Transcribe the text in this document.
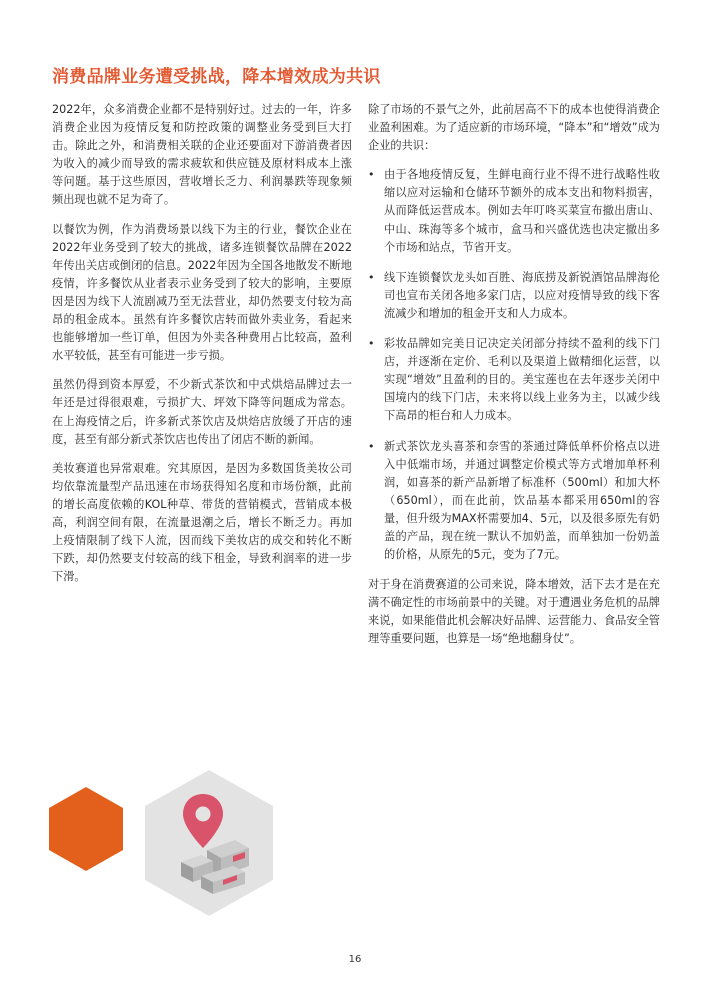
消费品牌业务遭受挑战，降本增效成为共识

2022年，众多消费企业都不是特别好过。过去的一年，许多消费企业因为疫情反复和防控政策的调整业务受到巨大打击。除此之外，和消费相关联的企业还要面对下游消费者因为收入的减少而导致的需求疲软和供应链及原材料成本上涨等问题。基于这些原因，营收增长乏力、利润暴跌等现象频频出现也就不足为奇了。

以餐饮为例，作为消费场景以线下为主的行业，餐饮企业在2022年业务受到了较大的挑战，诸多连锁餐饮品牌在2022年传出关店或倒闭的信息。2022年因为全国各地散发不断地疫情，许多餐饮从业者表示业务受到了较大的影响，主要原因是因为线下人流剧减乃至无法营业，却仍然要支付较为高昂的租金成本。虽然有许多餐饮店转而做外卖业务，看起来也能够增加一些订单，但因为外卖各种费用占比较高，盈利水平较低，甚至有可能进一步亏损。

虽然仍得到资本厚爱，不少新式茶饮和中式烘焙品牌过去一年还是过得很艰难，亏损扩大、坪效下降等问题成为常态。在上海疫情之后，许多新式茶饮店及烘焙店放缓了开店的速度，甚至有部分新式茶饮店也传出了闭店不断的新闻。

美妆赛道也异常艰难。究其原因，是因为多数国货美妆公司均依靠流量型产品迅速在市场获得知名度和市场份额，此前的增长高度依赖的KOL种草、带货的营销模式，营销成本极高，利润空间有限，在流量退潮之后，增长不断乏力。再加上疫情限制了线下人流，因而线下美妆店的成交和转化不断下跌，却仍然要支付较高的线下租金，导致利润率的进一步下滑。

除了市场的不景气之外，此前居高不下的成本也使得消费企业盈利困难。为了适应新的市场环境，“降本”和“增效”成为企业的共识：

• 由于各地疫情反复，生鲜电商行业不得不进行战略性收缩以应对运输和仓储环节额外的成本支出和物料损害，从而降低运营成本。例如去年叮咚买菜宣布撤出唐山、中山、珠海等多个城市，盒马和兴盛优选也决定撤出多个市场和站点，节省开支。
• 线下连锁餐饮龙头如百胜、海底捞及新锐酒馆品牌海伦司也宣布关闭各地多家门店，以应对疫情导致的线下客流减少和增加的租金开支和人力成本。
• 彩妆品牌如完美日记决定关闭部分持续不盈利的线下门店，并逐渐在定价、毛利以及渠道上做精细化运营，以实现“增效”且盈利的目的。美宝莲也在去年逐步关闭中国境内的线下门店，未来将以线上业务为主，以减少线下高昂的柜台和人力成本。
• 新式茶饮龙头喜茶和奈雪的茶通过降低单杯价格点以进入中低端市场，并通过调整定价模式等方式增加单杯利润，如喜茶的新产品新增了标准杯（500ml）和加大杯（650ml），而在此前，饮品基本都采用650ml的容量，但升级为MAX杯需要加4、5元，以及很多原先有奶盖的产品，现在统一默认不加奶盖，而单独加一份奶盖的价格，从原先的5元，变为了7元。

对于身在消费赛道的公司来说，降本增效，活下去才是在充满不确定性的市场前景中的关键。对于遭遇业务危机的品牌来说，如果能借此机会解决好品牌、运营能力、食品安全管理等重要问题，也算是一场“绝地翻身仗”。

16
